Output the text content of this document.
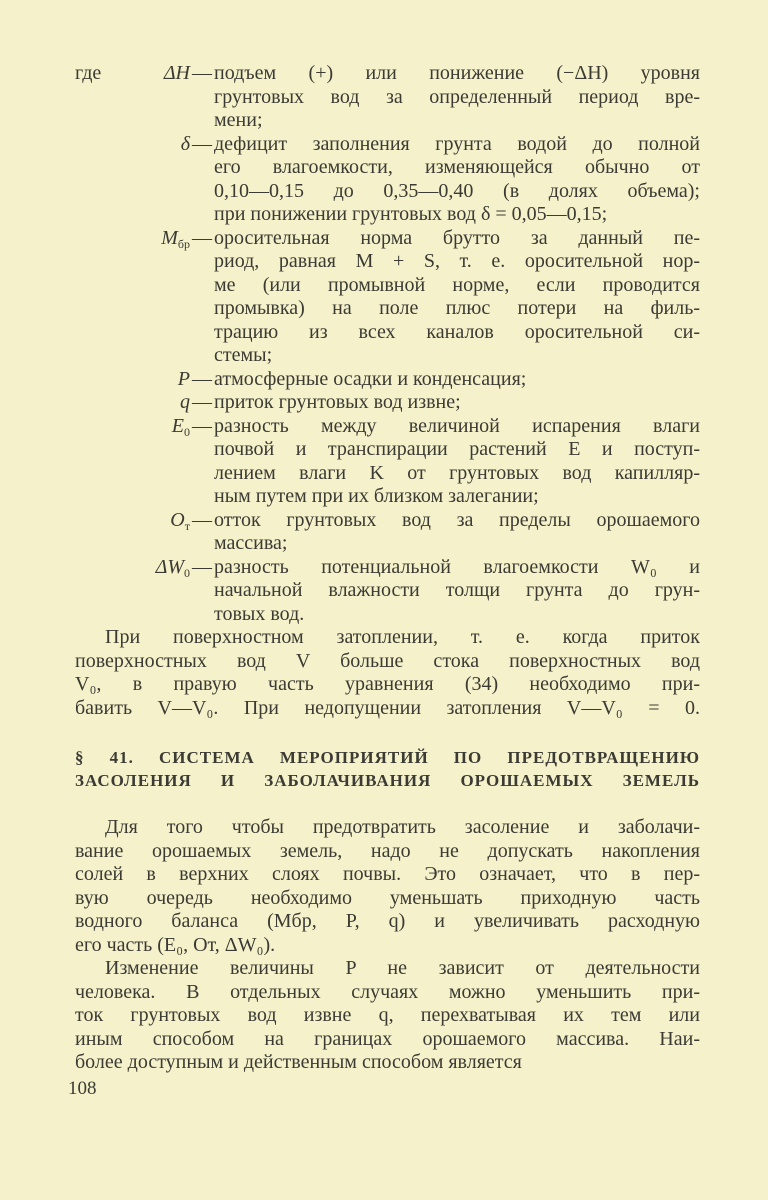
где	ΔH — подъем (+) или понижение (−ΔH) уровня
грунтовых вод за определенный период вре-
мени;
δ — дефицит заполнения грунта водой до полной
его влагоемкости, изменяющейся обычно от
0,10—0,15 до 0,35—0,40 (в долях объема);
при понижении грунтовых вод δ = 0,05—0,15;
$M_{бр}$ — оросительная норма брутто за данный пе-
риод, равная M + S, т. е. оросительной нор-
ме (или промывной норме, если проводится
промывка) на поле плюс потери на филь-
трацию из всех каналов оросительной си-
стемы;
P — атмосферные осадки и конденсация;
q — приток грунтовых вод извне;
$E_0$ — разность между величиной испарения влаги
почвой и транспирации растений E и поступ-
лением влаги K от грунтовых вод капилляр-
ным путем при их близком залегании;
$O_т$ — отток грунтовых вод за пределы орошаемого
массива;
$\Delta W_0$ — разность потенциальной влагоемкости W₀ и
начальной влажности толщи грунта до грун-
товых вод.
При поверхностном затоплении, т. е. когда приток
поверхностных вод V больше стока поверхностных вод
V₀, в правую часть уравнения (34) необходимо при-
бавить V—V₀. При недопущении затопления V—V₀ = 0.
§ 41. СИСТЕМА МЕРОПРИЯТИЙ ПО ПРЕДОТВРАЩЕНИЮ
ЗАСОЛЕНИЯ И ЗАБОЛАЧИВАНИЯ ОРОШАЕМЫХ ЗЕМЕЛЬ
Для того чтобы предотвратить засоление и заболачи-
вание орошаемых земель, надо не допускать накопления
солей в верхних слоях почвы. Это означает, что в пер-
вую очередь необходимо уменьшать приходную часть
водного баланса (Mбр, P, q) и увеличивать расходную
его часть (E₀, Oт, ΔW₀).
Изменение величины P не зависит от деятельности
человека. В отдельных случаях можно уменьшить при-
ток грунтовых вод извне q, перехватывая их тем или
иным способом на границах орошаемого массива. Наи-
более доступным и действенным способом является
108
